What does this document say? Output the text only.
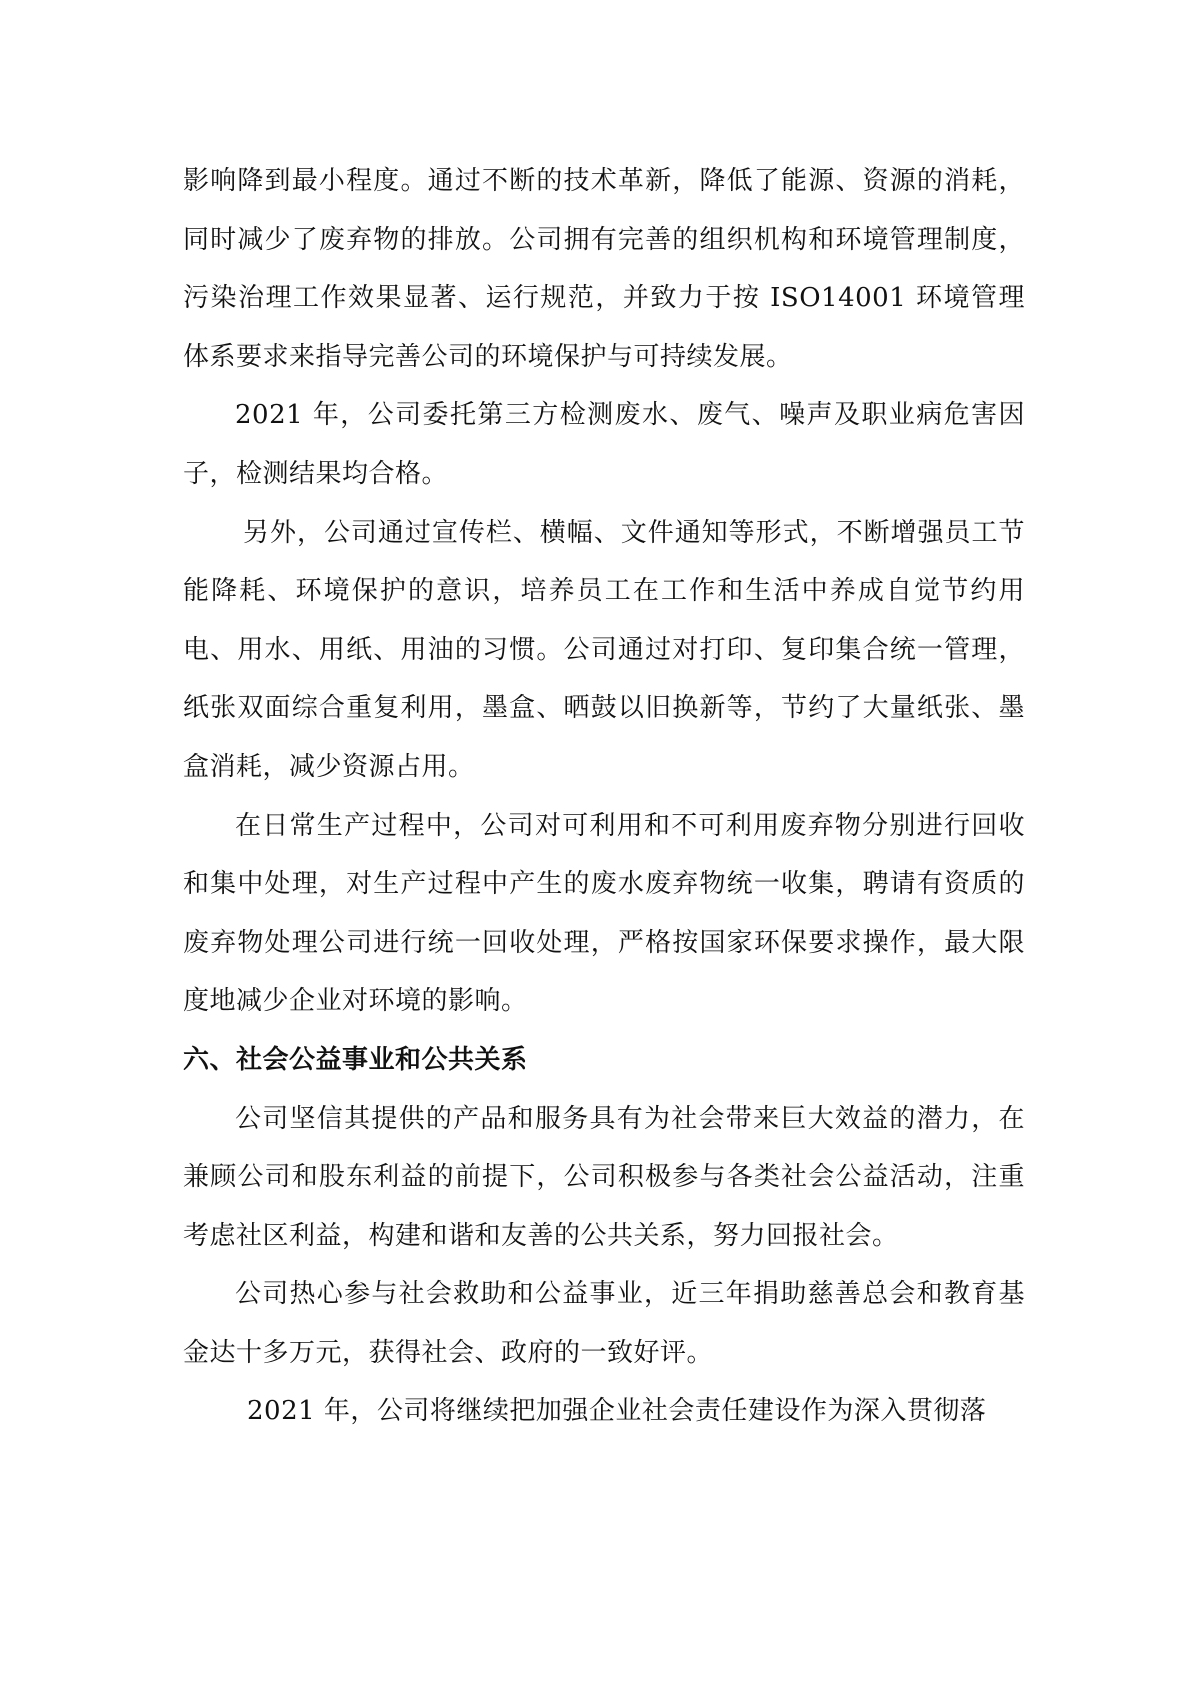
影响降到最小程度。通过不断的技术革新，降低了能源、资源的消耗，同时减少了废弃物的排放。公司拥有完善的组织机构和环境管理制度，污染治理工作效果显著、运行规范，并致力于按 ISO14001 环境管理体系要求来指导完善公司的环境保护与可持续发展。

2021 年，公司委托第三方检测废水、废气、噪声及职业病危害因子，检测结果均合格。

另外，公司通过宣传栏、横幅、文件通知等形式，不断增强员工节能降耗、环境保护的意识，培养员工在工作和生活中养成自觉节约用电、用水、用纸、用油的习惯。公司通过对打印、复印集合统一管理，纸张双面综合重复利用，墨盒、晒鼓以旧换新等，节约了大量纸张、墨盒消耗，减少资源占用。

在日常生产过程中，公司对可利用和不可利用废弃物分别进行回收和集中处理，对生产过程中产生的废水废弃物统一收集，聘请有资质的废弃物处理公司进行统一回收处理，严格按国家环保要求操作，最大限度地减少企业对环境的影响。

六、社会公益事业和公共关系

公司坚信其提供的产品和服务具有为社会带来巨大效益的潜力，在兼顾公司和股东利益的前提下，公司积极参与各类社会公益活动，注重考虑社区利益，构建和谐和友善的公共关系，努力回报社会。

公司热心参与社会救助和公益事业，近三年捐助慈善总会和教育基金达十多万元，获得社会、政府的一致好评。

2021 年，公司将继续把加强企业社会责任建设作为深入贯彻落
